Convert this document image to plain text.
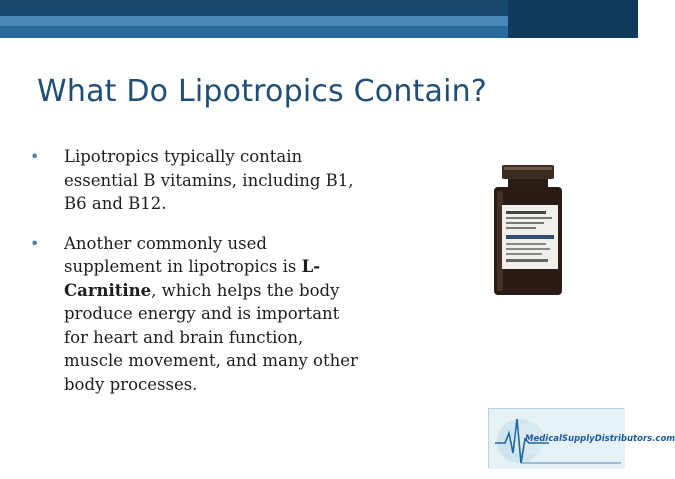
What Do Lipotropics Contain?
• Lipotropics typically contain essential B vitamins, including B1, B6 and B12.
• Another commonly used supplement in lipotropics is L-Carnitine, which helps the body produce energy and is important for heart and brain function, muscle movement, and many other body processes.
MedicalSupplyDistributors.com
